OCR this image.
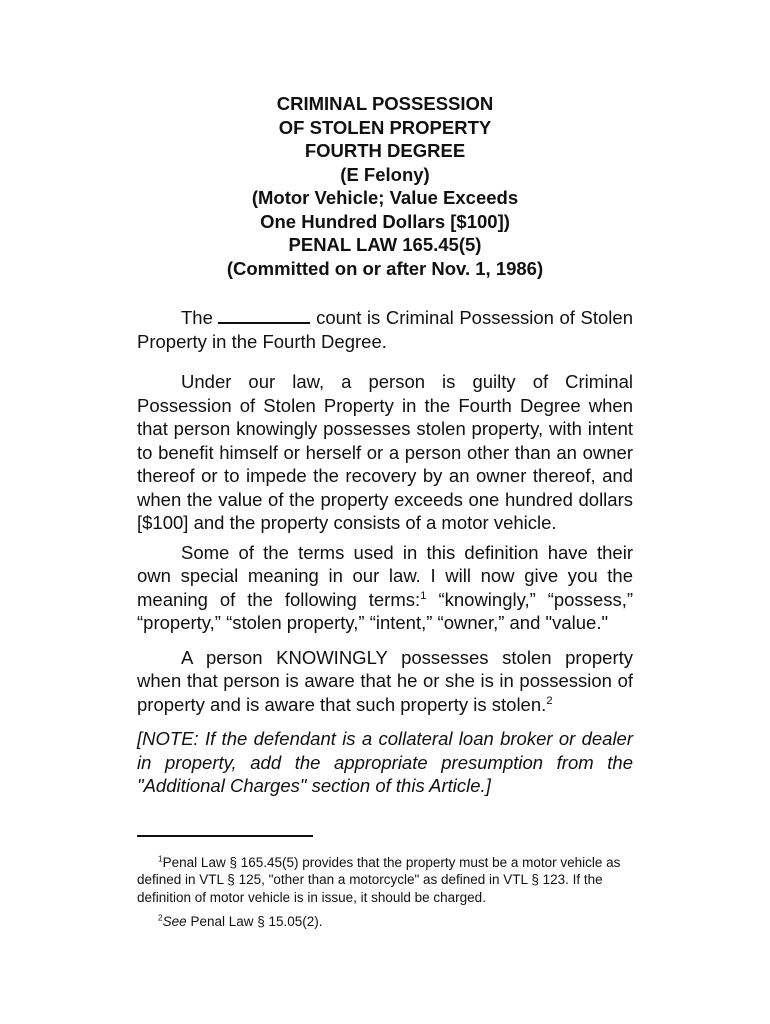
CRIMINAL POSSESSION
OF STOLEN PROPERTY
FOURTH DEGREE
(E Felony)
(Motor Vehicle; Value Exceeds
One Hundred Dollars [$100])
PENAL LAW 165.45(5)
(Committed on or after Nov. 1, 1986)

The	count is Criminal Possession of Stolen Property in the Fourth Degree.

Under our law, a person is guilty of Criminal Possession of Stolen Property in the Fourth Degree when that person knowingly possesses stolen property, with intent to benefit himself or herself or a person other than an owner thereof or to impede the recovery by an owner thereof, and when the value of the property exceeds one hundred dollars [$100] and the property consists of a motor vehicle.

Some of the terms used in this definition have their own special meaning in our law. I will now give you the meaning of the following terms:$^1$ “knowingly,” “possess,” “property,” “stolen property,” “intent,” “owner,” and "value."

A person KNOWINGLY possesses stolen property when that person is aware that he or she is in possession of property and is aware that such property is stolen.$^2$

[NOTE: If the defendant is a collateral loan broker or dealer in property, add the appropriate presumption from the "Additional Charges" section of this Article.]

$^1$Penal Law § 165.45(5) provides that the property must be a motor vehicle as defined in VTL § 125, "other than a motorcycle" as defined in VTL § 123. If the definition of motor vehicle is in issue, it should be charged.

$^2$See Penal Law § 15.05(2).
